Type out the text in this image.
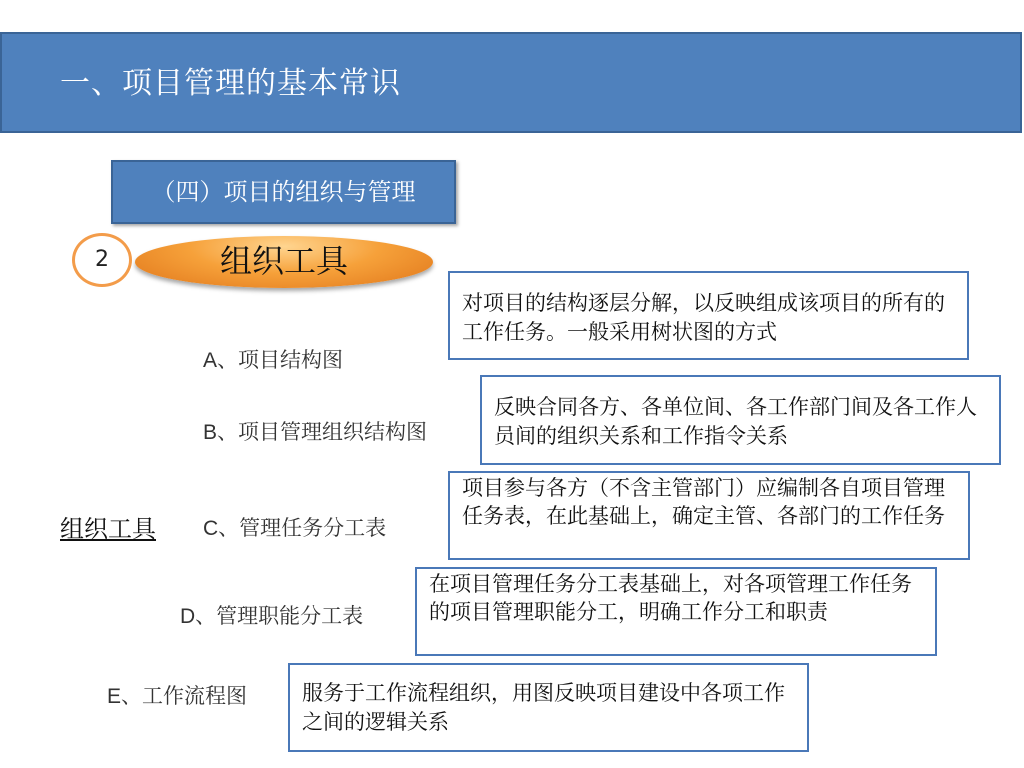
一、项目管理的基本常识
（四）项目的组织与管理
2	组织工具
A、项目结构图
B、项目管理组织结构图
C、管理任务分工表
D、管理职能分工表
E、工作流程图
组织工具
对项目的结构逐层分解，以反映组成该项目的所有的工作任务。一般采用树状图的方式
反映合同各方、各单位间、各工作部门间及各工作人员间的组织关系和工作指令关系
项目参与各方（不含主管部门）应编制各自项目管理任务表，在此基础上，确定主管、各部门的工作任务
在项目管理任务分工表基础上，对各项管理工作任务的项目管理职能分工，明确工作分工和职责
服务于工作流程组织，用图反映项目建设中各项工作之间的逻辑关系
